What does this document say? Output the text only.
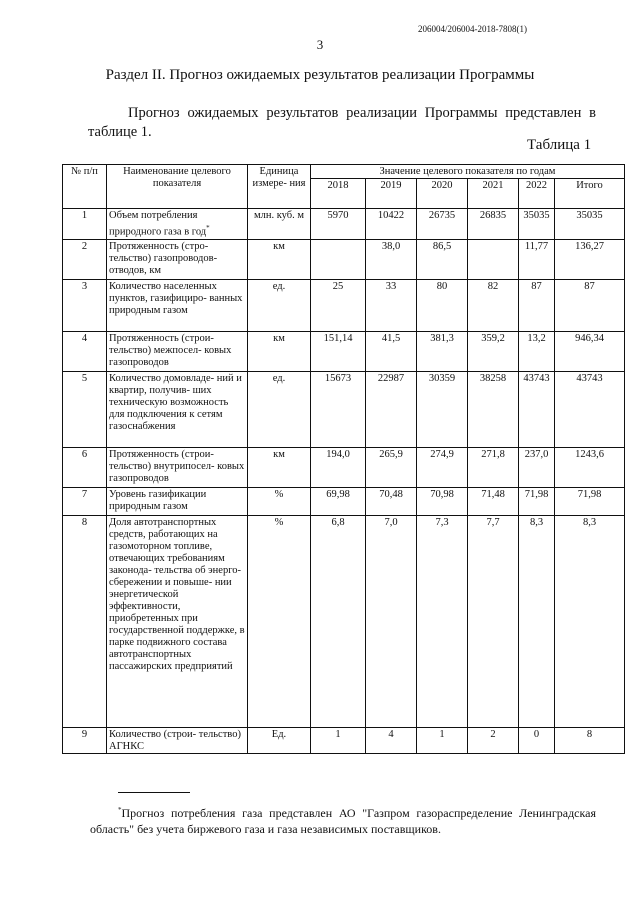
206004/206004-2018-7808(1)
3
Раздел II. Прогноз ожидаемых результатов реализации Программы
Прогноз ожидаемых результатов реализации Программы представлен в таблице 1.
Таблица 1
№ п/п	Наименование целевого показателя	Единица измере- ния	Значение целевого показателя по годам					
			2018	2019	2020	2021	2022	Итого
1	Объем потребления природного газа в год*	млн. куб. м	5970	10422	26735	26835	35035	35035
2	Протяженность (стро- тельство) газопроводов- отводов, км	км		38,0	86,5		11,77	136,27
3	Количество населенных пунктов, газифициро- ванных природным газом	ед.	25	33	80	82	87	87
4	Протяженность (строи- тельство) межпосел- ковых газопроводов	км	151,14	41,5	381,3	359,2	13,2	946,34
5	Количество домовладе- ний и квартир, получив- ших техническую возможность для подключения к сетям газоснабжения	ед.	15673	22987	30359	38258	43743	43743
6	Протяженность (строи- тельство) внутрипосел- ковых газопроводов	км	194,0	265,9	274,9	271,8	237,0	1243,6
7	Уровень газификации природным газом	%	69,98	70,48	70,98	71,48	71,98	71,98
8	Доля автотранспортных средств, работающих на газомоторном топливе, отвечающих требованиям законода- тельства об энерго- сбережении и повыше- нии энергетической эффективности, приобретенных при государственной поддержке, в парке подвижного состава автотранспортных пассажирских предприятий	%	6,8	7,0	7,3	7,7	8,3	8,3
9	Количество (строи- тельство) АГНКС	Ед.	1	4	1	2	0	8
*Прогноз потребления газа представлен АО "Газпром газораспределение Ленинградская область" без учета биржевого газа и газа независимых поставщиков.
